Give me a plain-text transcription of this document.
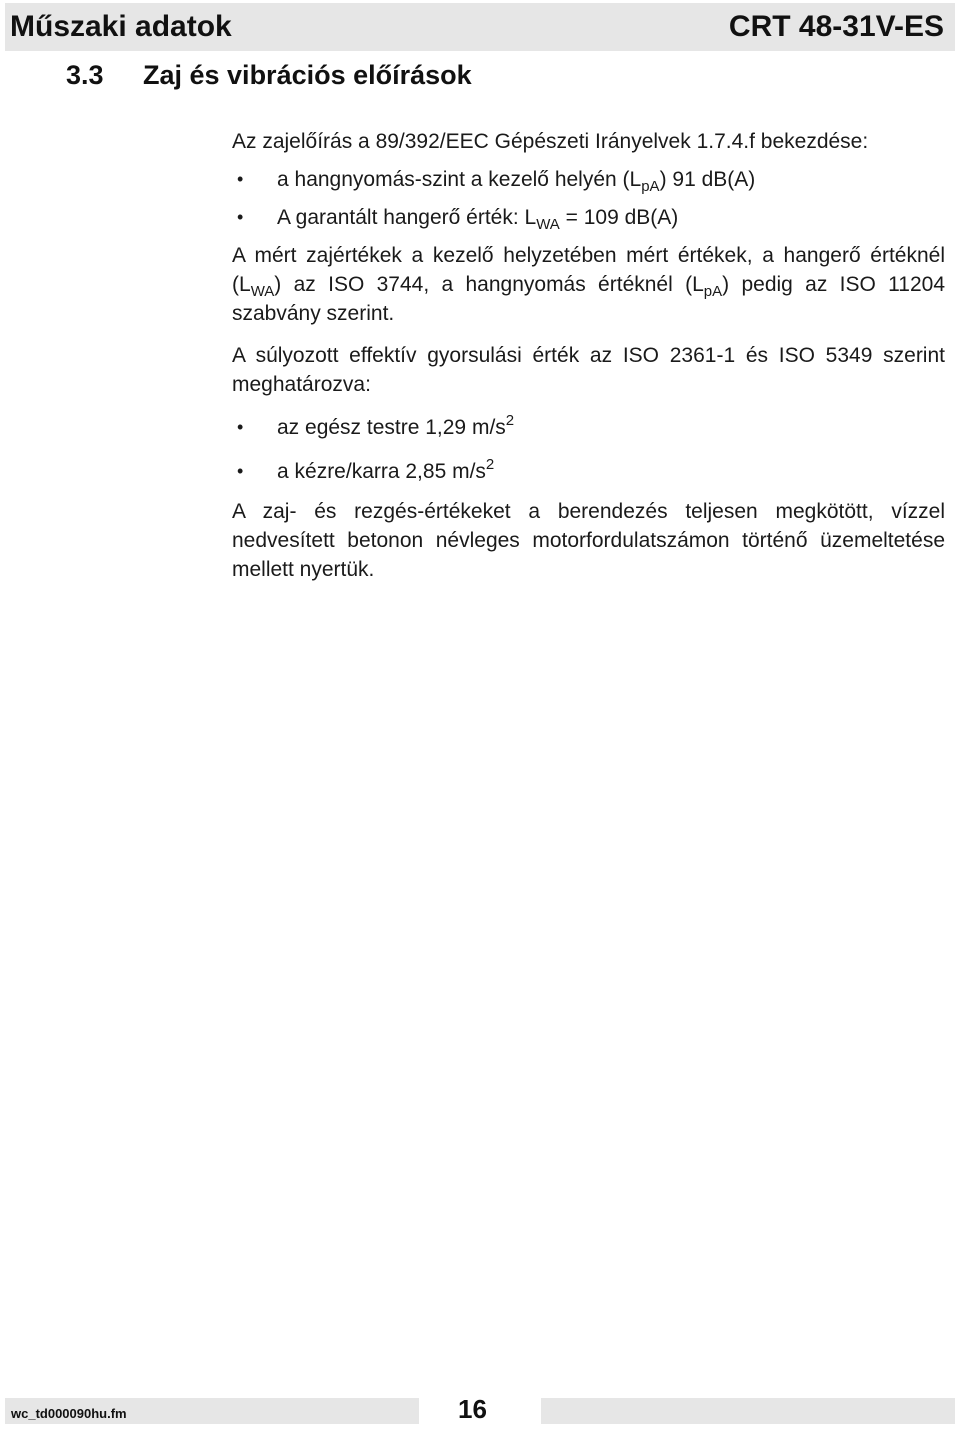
Műszaki adatok	CRT 48-31V-ES
3.3 Zaj és vibrációs előírások

Az zajelőírás a 89/392/EEC Gépészeti Irányelvek 1.7.4.f bekezdése:

• a hangnyomás-szint a kezelő helyén $(L_{pA})$ 91 dB(A)
• A garantált hangerő érték: $L_{WA} = 109$ dB(A)

A mért zajértékek a kezelő helyzetében mért értékek, a hangerő értéknél $(L_{WA})$ az ISO 3744, a hangnyomás értéknél $(L_{pA})$ pedig az ISO 11204 szabvány szerint.

A súlyozott effektív gyorsulási érték az ISO 2361-1 és ISO 5349 szerint meghatározva:

• az egész testre 1,29 $m/s^2$
• a kézre/karra 2,85 $m/s^2$

A zaj- és rezgés-értékeket a berendezés teljesen megkötött, vízzel nedvesített betonon névleges motorfordulatszámon történő üzemeltetése mellett nyertük.

wc_td000090hu.fm	16
